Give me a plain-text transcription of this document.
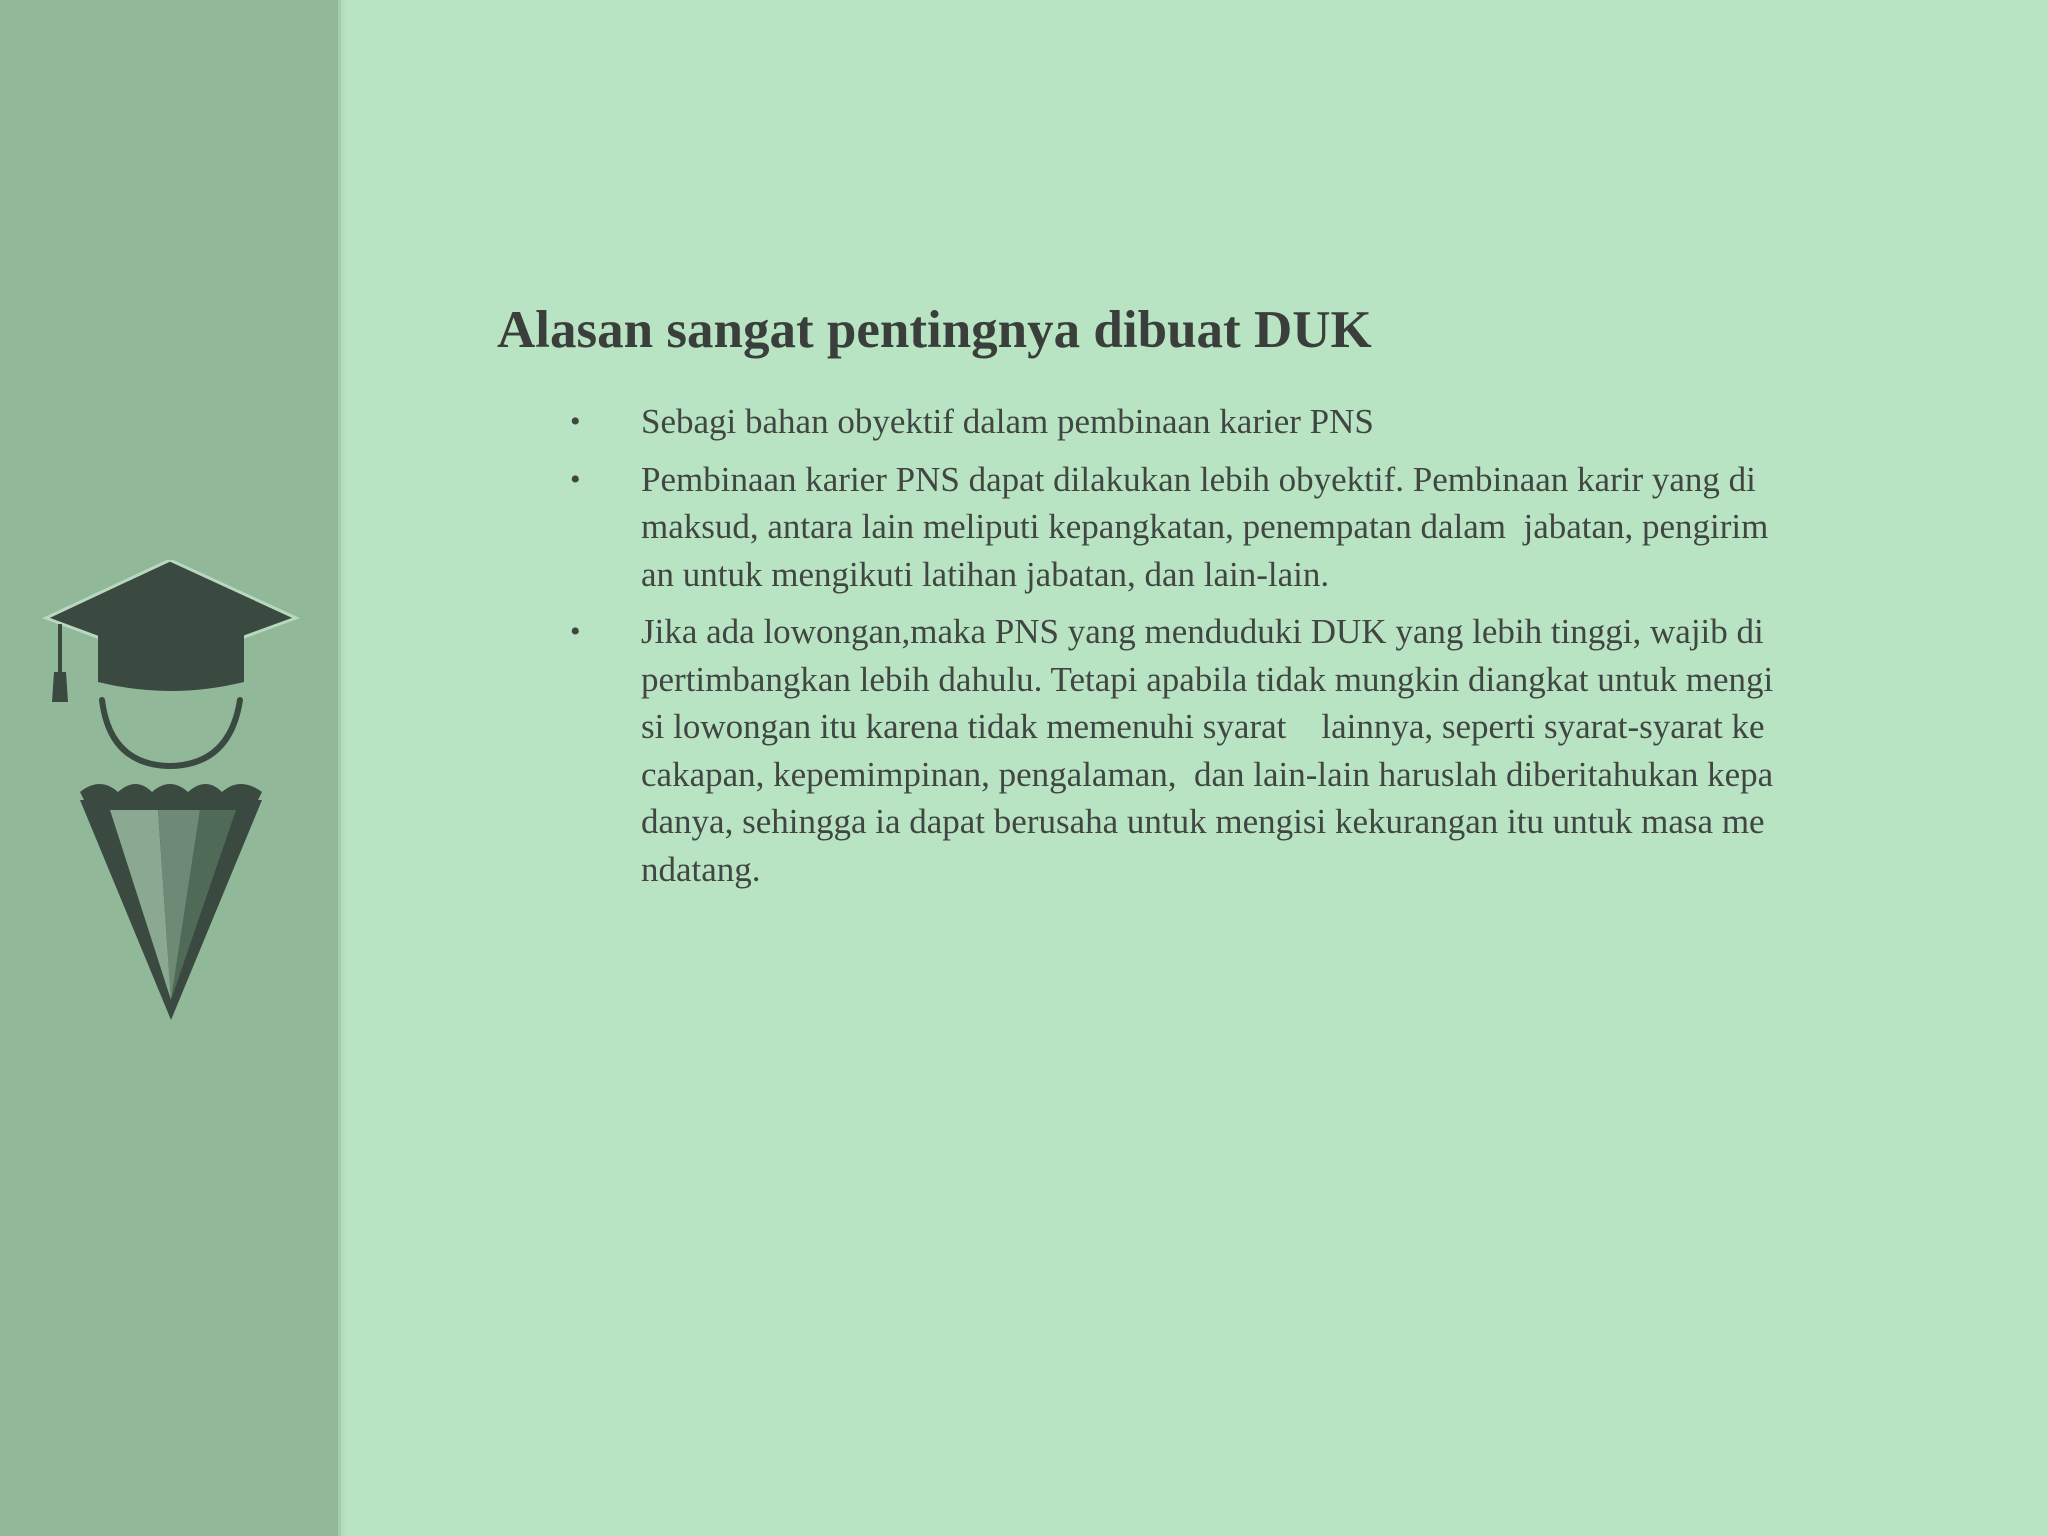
Alasan sangat pentingnya dibuat DUK
• Sebagi bahan obyektif dalam pembinaan karier PNS
• Pembinaan karier PNS dapat dilakukan lebih obyektif. Pembinaan karir yang di
maksud, antara lain meliputi kepangkatan, penempatan dalam  jabatan, pengirim
an untuk mengikuti latihan jabatan, dan lain-lain.
• Jika ada lowongan,maka PNS yang menduduki DUK yang lebih tinggi, wajib di
pertimbangkan lebih dahulu. Tetapi apabila tidak mungkin diangkat untuk mengi
si lowongan itu karena tidak memenuhi syarat    lainnya, seperti syarat-syarat ke
cakapan, kepemimpinan, pengalaman,  dan lain-lain haruslah diberitahukan kepa
danya, sehingga ia dapat berusaha untuk mengisi kekurangan itu untuk masa me
ndatang.
